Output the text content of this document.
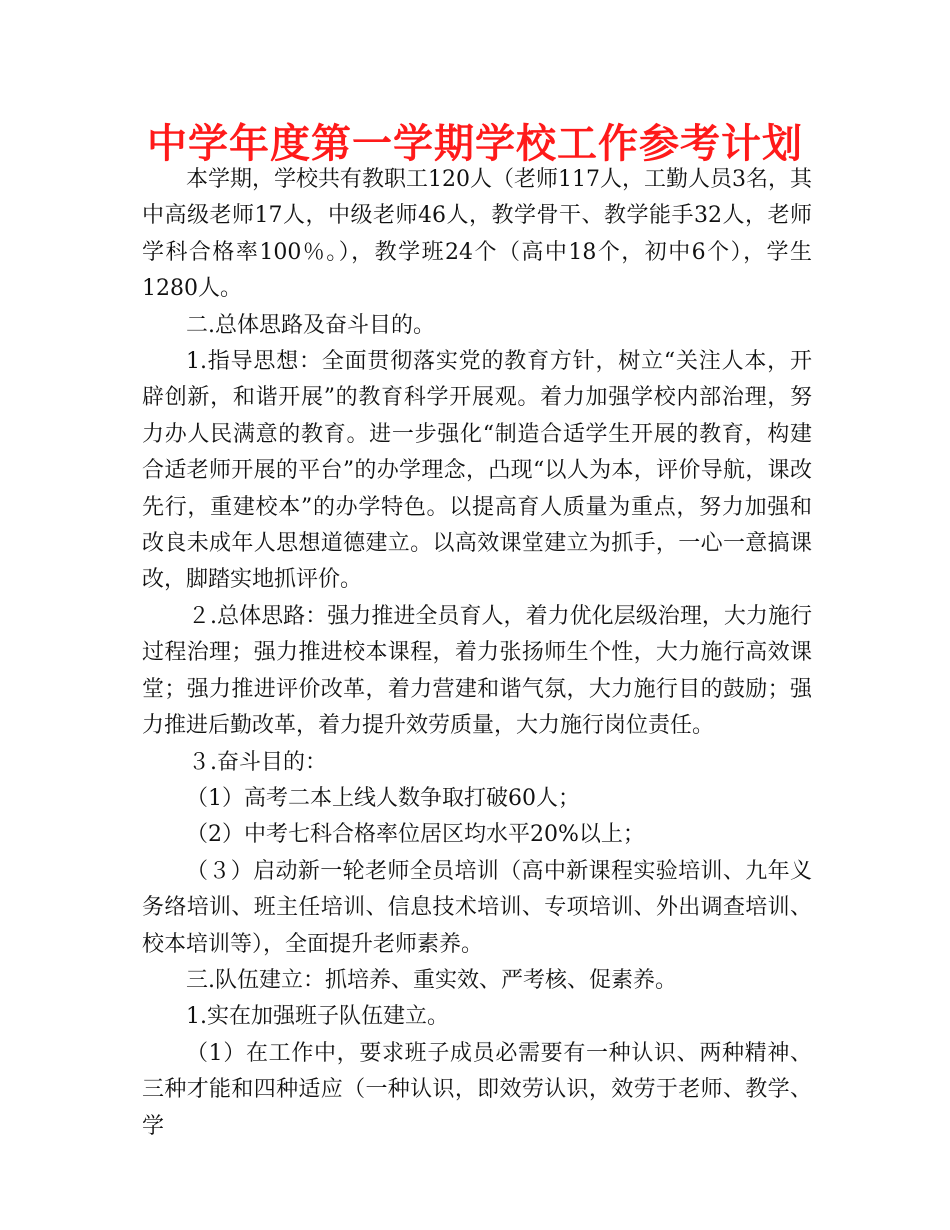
中学年度第一学期学校工作参考计划

本学期，学校共有教职工120人（老师117人，工勤人员3名，其中高级老师17人，中级老师46人，教学骨干、教学能手32人，老师学科合格率100％。），教学班24个（高中18个，初中6个），学生1280人。

二.总体思路及奋斗目的。

1.指导思想：全面贯彻落实党的教育方针，树立“关注人本，开辟创新，和谐开展”的教育科学开展观。着力加强学校内部治理，努力办人民满意的教育。进一步强化“制造合适学生开展的教育，构建合适老师开展的平台”的办学理念，凸现“以人为本，评价导航，课改先行，重建校本”的办学特色。以提高育人质量为重点，努力加强和改良未成年人思想道德建立。以高效课堂建立为抓手，一心一意搞课改，脚踏实地抓评价。

２.总体思路：强力推进全员育人，着力优化层级治理，大力施行过程治理；强力推进校本课程，着力张扬师生个性，大力施行高效课堂；强力推进评价改革，着力营建和谐气氛，大力施行目的鼓励；强力推进后勤改革，着力提升效劳质量，大力施行岗位责任。

３.奋斗目的：

（1）高考二本上线人数争取打破60人；

（2）中考七科合格率位居区均水平20%以上；

（３）启动新一轮老师全员培训（高中新课程实验培训、九年义务络培训、班主任培训、信息技术培训、专项培训、外出调查培训、校本培训等），全面提升老师素养。

三.队伍建立：抓培养、重实效、严考核、促素养。

1.实在加强班子队伍建立。

（1）在工作中，要求班子成员必需要有一种认识、两种精神、三种才能和四种适应（一种认识，即效劳认识，效劳于老师、教学、学
